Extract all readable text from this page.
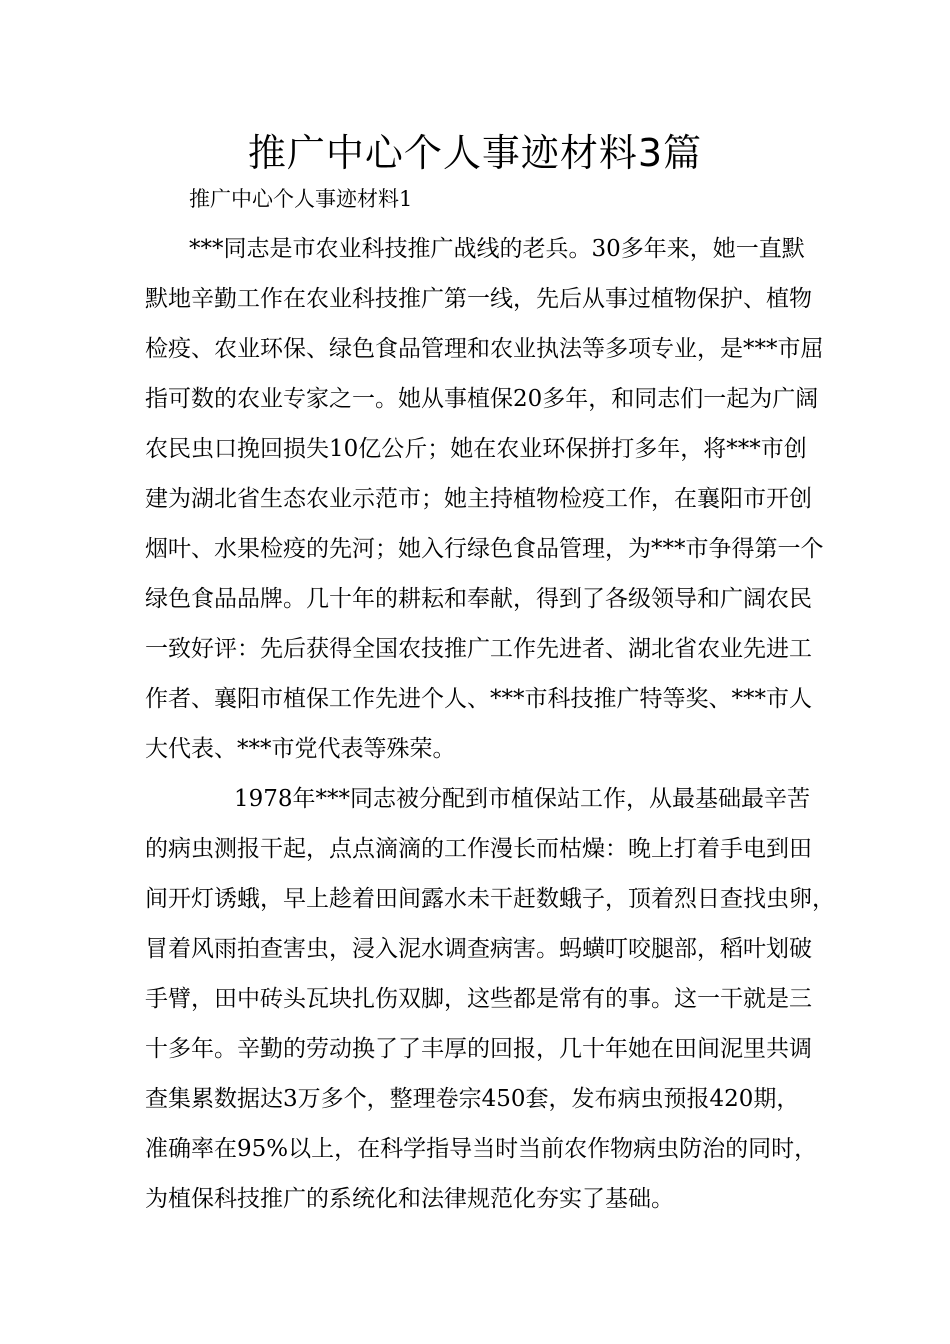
推广中心个人事迹材料3篇
推广中心个人事迹材料1
***同志是市农业科技推广战线的老兵。30多年来，她一直默
默地辛勤工作在农业科技推广第一线，先后从事过植物保护、植物
检疫、农业环保、绿色食品管理和农业执法等多项专业，是***市屈
指可数的农业专家之一。她从事植保20多年，和同志们一起为广阔
农民虫口挽回损失10亿公斤；她在农业环保拼打多年，将***市创
建为湖北省生态农业示范市；她主持植物检疫工作，在襄阳市开创
烟叶、水果检疫的先河；她入行绿色食品管理，为***市争得第一个
绿色食品品牌。几十年的耕耘和奉献，得到了各级领导和广阔农民
一致好评：先后获得全国农技推广工作先进者、湖北省农业先进工
作者、襄阳市植保工作先进个人、***市科技推广特等奖、***市人
大代表、***市党代表等殊荣。
1978年***同志被分配到市植保站工作，从最基础最辛苦
的病虫测报干起，点点滴滴的工作漫长而枯燥：晚上打着手电到田
间开灯诱蛾，早上趁着田间露水未干赶数蛾子，顶着烈日查找虫卵，
冒着风雨拍查害虫，浸入泥水调查病害。蚂蟥叮咬腿部，稻叶划破
手臂，田中砖头瓦块扎伤双脚，这些都是常有的事。这一干就是三
十多年。辛勤的劳动换了了丰厚的回报，几十年她在田间泥里共调
查集累数据达3万多个，整理卷宗450套，发布病虫预报420期，
准确率在95%以上，在科学指导当时当前农作物病虫防治的同时，
为植保科技推广的系统化和法律规范化夯实了基础。
